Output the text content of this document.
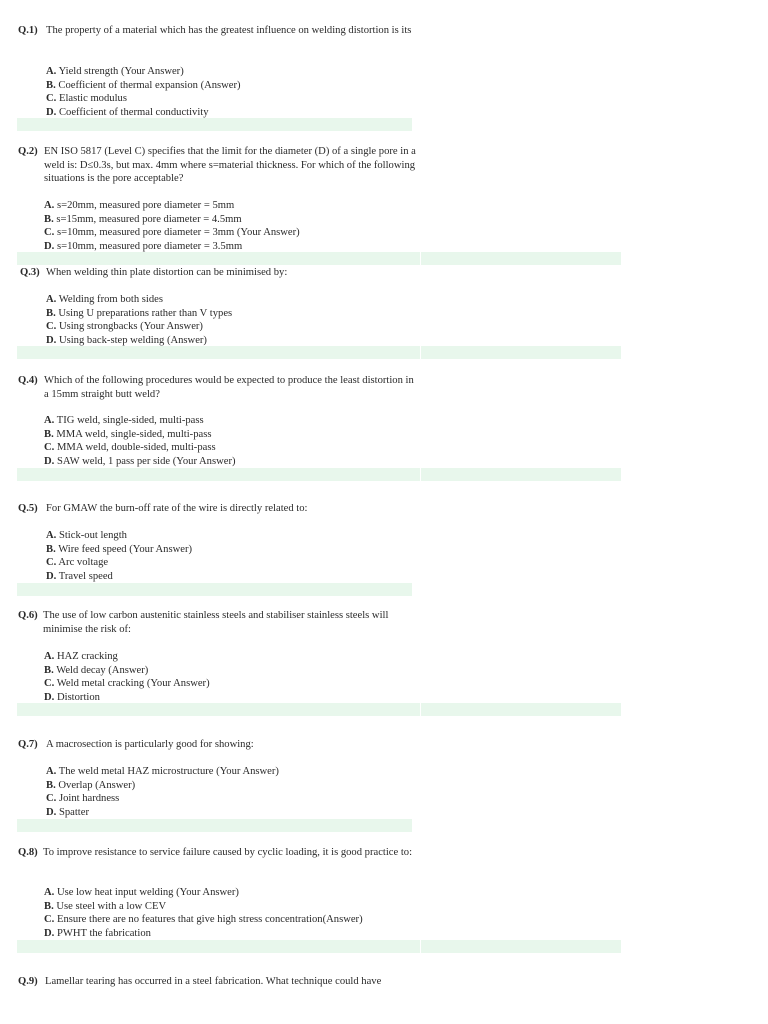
Q.1) The property of a material which has the greatest influence on welding distortion is its
A. Yield strength (Your Answer)
B. Coefficient of thermal expansion (Answer)
C. Elastic modulus
D. Coefficient of thermal conductivity
Q.2) EN ISO 5817 (Level C) specifies that the limit for the diameter (D) of a single pore in a weld is: D≤0.3s, but max. 4mm where s=material thickness. For which of the following situations is the pore acceptable?
A. s=20mm, measured pore diameter = 5mm
B. s=15mm, measured pore diameter = 4.5mm
C. s=10mm, measured pore diameter = 3mm (Your Answer)
D. s=10mm, measured pore diameter = 3.5mm
Q.3) When welding thin plate distortion can be minimised by:
A. Welding from both sides
B. Using U preparations rather than V types
C. Using strongbacks (Your Answer)
D. Using back-step welding (Answer)
Q.4) Which of the following procedures would be expected to produce the least distortion in a 15mm straight butt weld?
A. TIG weld, single-sided, multi-pass
B. MMA weld, single-sided, multi-pass
C. MMA weld, double-sided, multi-pass
D. SAW weld, 1 pass per side (Your Answer)
Q.5) For GMAW the burn-off rate of the wire is directly related to:
A. Stick-out length
B. Wire feed speed (Your Answer)
C. Arc voltage
D. Travel speed
Q.6) The use of low carbon austenitic stainless steels and stabiliser stainless steels will minimise the risk of:
A. HAZ cracking
B. Weld decay (Answer)
C. Weld metal cracking (Your Answer)
D. Distortion
Q.7) A macrosection is particularly good for showing:
A. The weld metal HAZ microstructure (Your Answer)
B. Overlap (Answer)
C. Joint hardness
D. Spatter
Q.8) To improve resistance to service failure caused by cyclic loading, it is good practice to:
A. Use low heat input welding (Your Answer)
B. Use steel with a low CEV
C. Ensure there are no features that give high stress concentration(Answer)
D. PWHT the fabrication
Q.9) Lamellar tearing has occurred in a steel fabrication. What technique could have
